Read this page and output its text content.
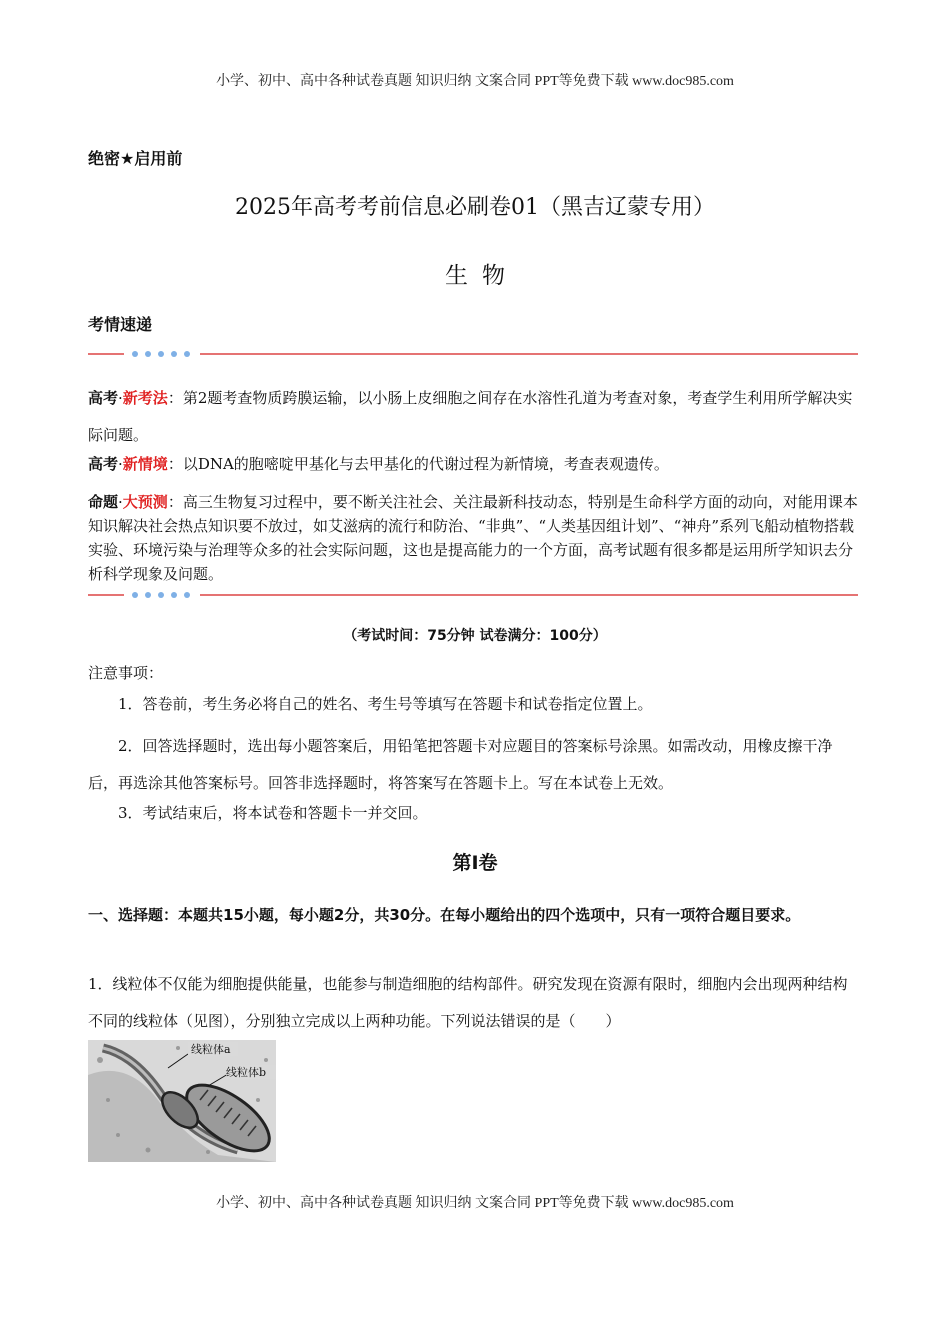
小学、初中、高中各种试卷真题 知识归纳 文案合同 PPT等免费下载 www.doc985.com
绝密★启用前
2025年高考考前信息必刷卷01（黑吉辽蒙专用）
生物
考情速递
高考·新考法：第2题考查物质跨膜运输，以小肠上皮细胞之间存在水溶性孔道为考查对象，考查学生利用所学解决实际问题。
高考·新情境：以DNA的胞嘧啶甲基化与去甲基化的代谢过程为新情境，考查表观遗传。
命题·大预测：高三生物复习过程中，要不断关注社会、关注最新科技动态，特别是生命科学方面的动向，对能用课本知识解决社会热点知识要不放过，如艾滋病的流行和防治、“非典”、“人类基因组计划”、“神舟”系列飞船动植物搭载实验、环境污染与治理等众多的社会实际问题，这也是提高能力的一个方面，高考试题有很多都是运用所学知识去分析科学现象及问题。
（考试时间：75分钟 试卷满分：100分）
注意事项：
1．答卷前，考生务必将自己的姓名、考生号等填写在答题卡和试卷指定位置上。
2．回答选择题时，选出每小题答案后，用铅笔把答题卡对应题目的答案标号涂黑。如需改动，用橡皮擦干净后，再选涂其他答案标号。回答非选择题时，将答案写在答题卡上。写在本试卷上无效。
3．考试结束后，将本试卷和答题卡一并交回。
第Ⅰ卷
一、选择题：本题共15小题，每小题2分，共30分。在每小题给出的四个选项中，只有一项符合题目要求。
1．线粒体不仅能为细胞提供能量，也能参与制造细胞的结构部件。研究发现在资源有限时，细胞内会出现两种结构不同的线粒体（见图），分别独立完成以上两种功能。下列说法错误的是（　　）
线粒体a
线粒体b
小学、初中、高中各种试卷真题 知识归纳 文案合同 PPT等免费下载 www.doc985.com
